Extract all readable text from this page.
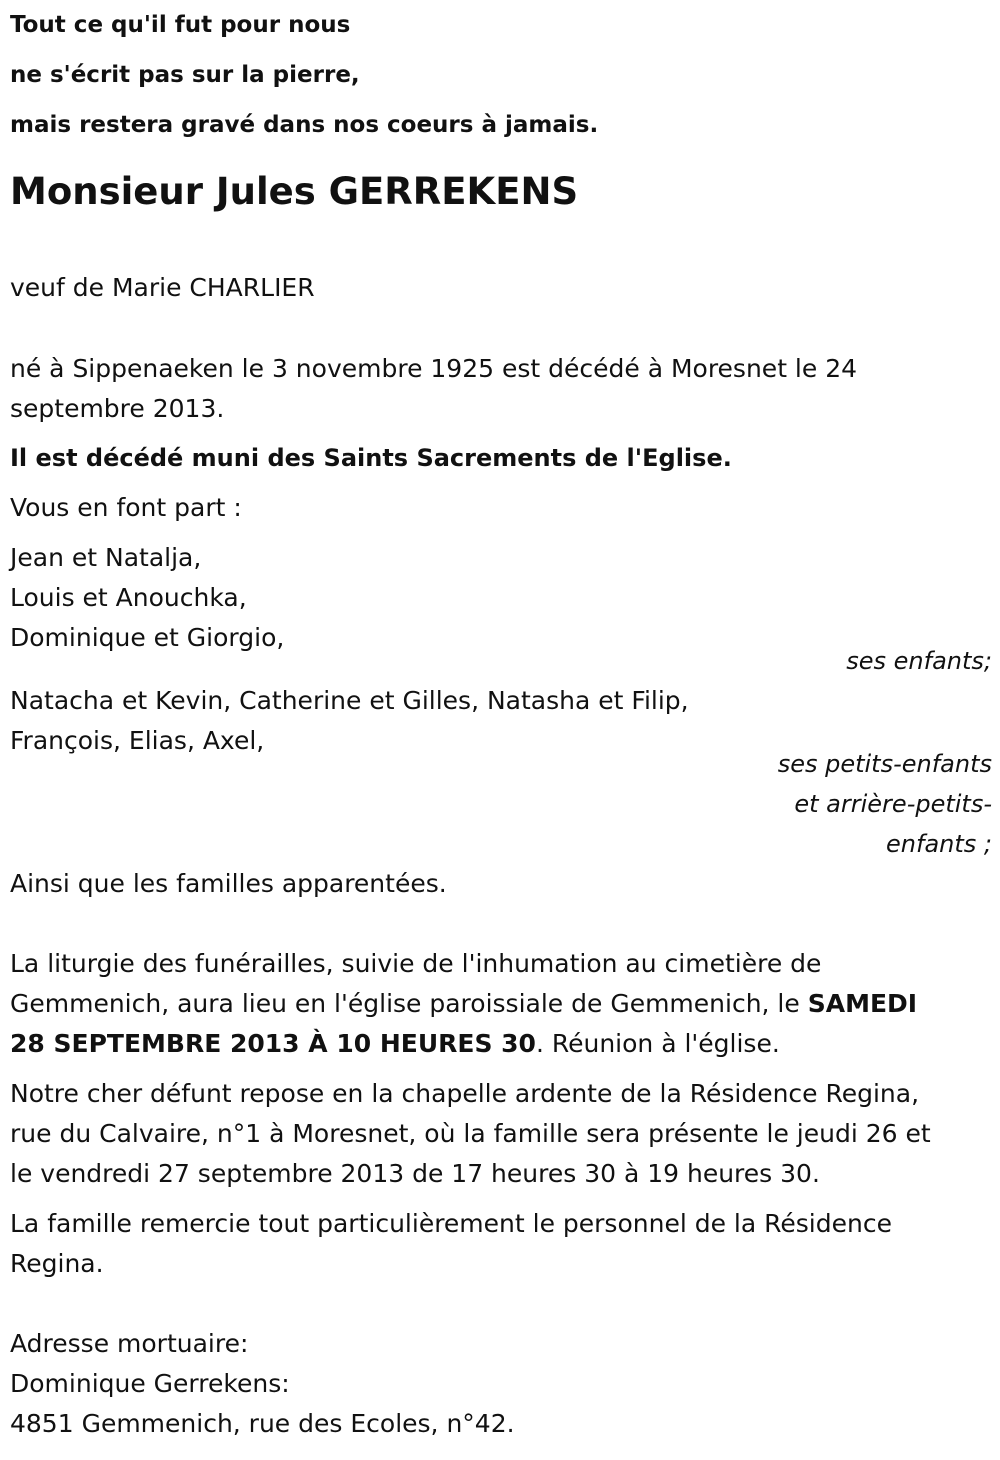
Tout ce qu'il fut pour nous

ne s'écrit pas sur la pierre,

mais restera gravé dans nos coeurs à jamais.

Monsieur Jules GERREKENS

veuf de Marie CHARLIER

né à Sippenaeken le 3 novembre 1925 est décédé à Moresnet le 24
septembre 2013.

Il est décédé muni des Saints Sacrements de l'Eglise.

Vous en font part :

Jean et Natalja,
Louis et Anouchka,
Dominique et Giorgio,

ses enfants;

Natacha et Kevin, Catherine et Gilles, Natasha et Filip,
François, Elias, Axel,

ses petits-enfants
et arrière-petits-
enfants ;

Ainsi que les familles apparentées.

La liturgie des funérailles, suivie de l'inhumation au cimetière de
Gemmenich, aura lieu en l'église paroissiale de Gemmenich, le SAMEDI
28 SEPTEMBRE 2013 À 10 HEURES 30. Réunion à l'église.

Notre cher défunt repose en la chapelle ardente de la Résidence Regina,
rue du Calvaire, n°1 à Moresnet, où la famille sera présente le jeudi 26 et
le vendredi 27 septembre 2013 de 17 heures 30 à 19 heures 30.

La famille remercie tout particulièrement le personnel de la Résidence
Regina.

Adresse mortuaire:
Dominique Gerrekens:
4851 Gemmenich, rue des Ecoles, n°42.
